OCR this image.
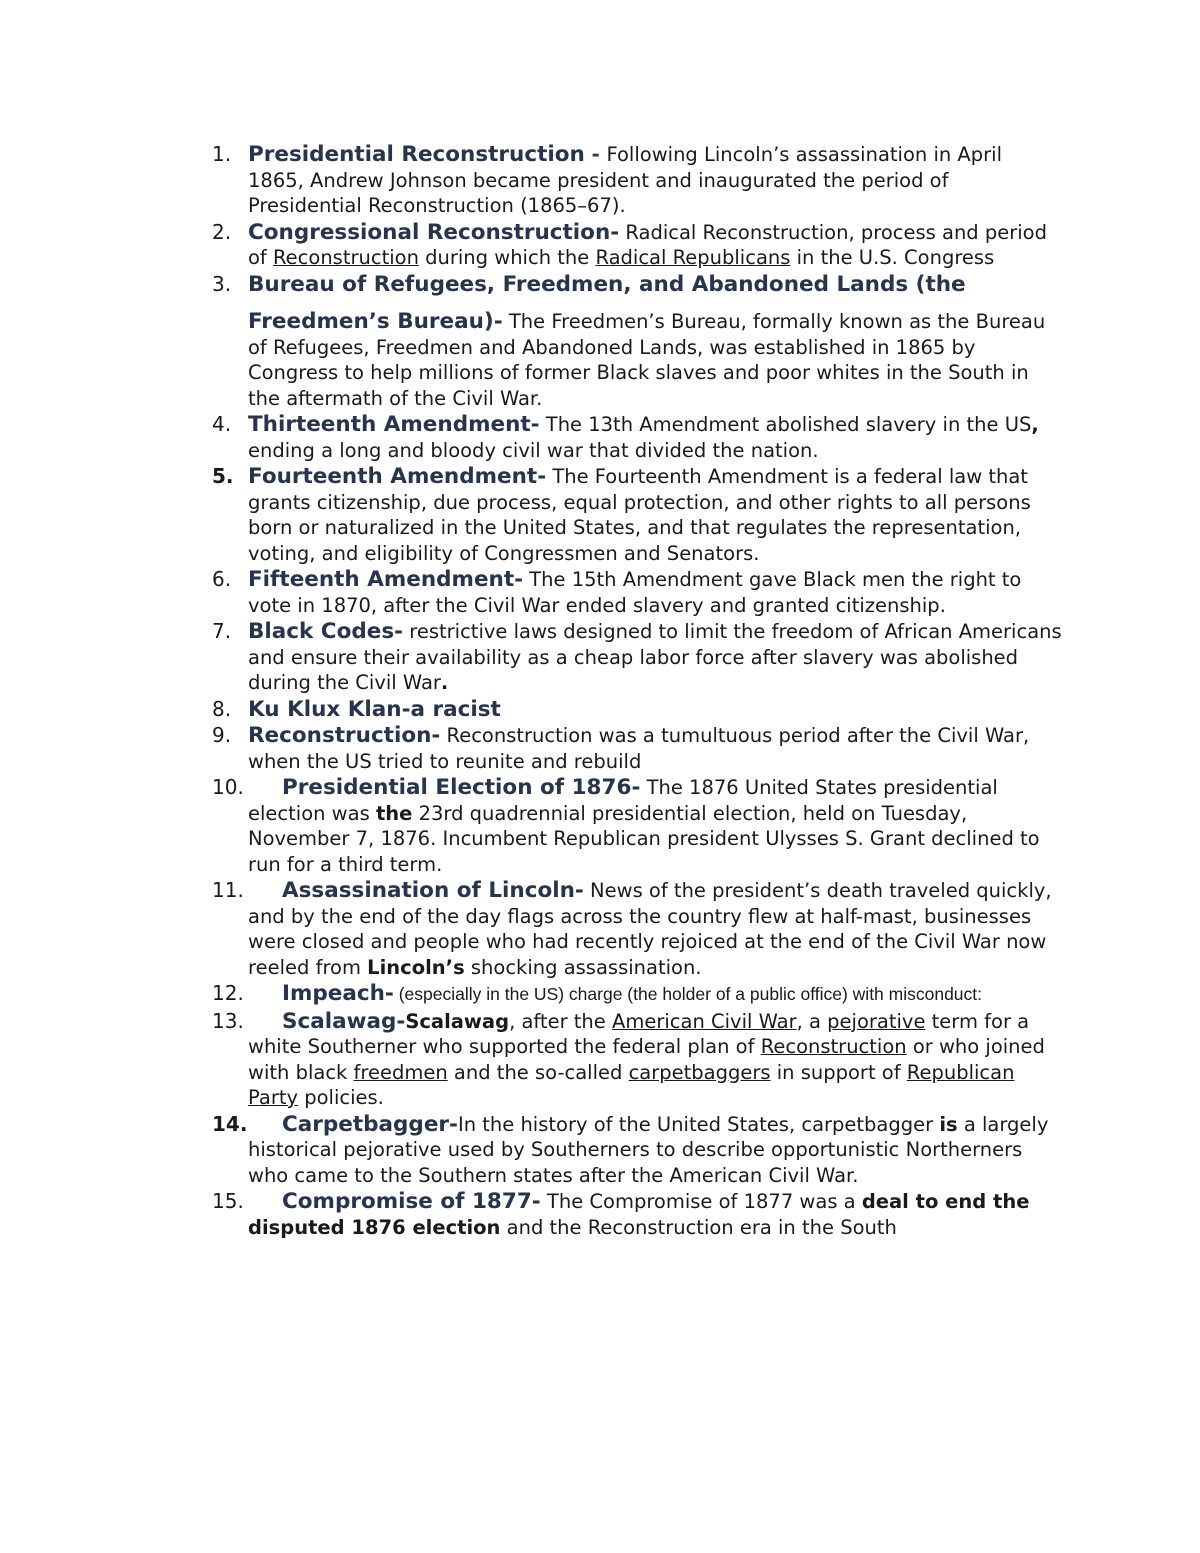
1. Presidential Reconstruction - Following Lincoln’s assassination in April 1865, Andrew Johnson became president and inaugurated the period of Presidential Reconstruction (1865–67).
2. Congressional Reconstruction- Radical Reconstruction, process and period of Reconstruction during which the Radical Republicans in the U.S. Congress
3. Bureau of Refugees, Freedmen, and Abandoned Lands (the
Freedmen’s Bureau)- The Freedmen’s Bureau, formally known as the Bureau of Refugees, Freedmen and Abandoned Lands, was established in 1865 by Congress to help millions of former Black slaves and poor whites in the South in the aftermath of the Civil War.
4. Thirteenth Amendment- The 13th Amendment abolished slavery in the US, ending a long and bloody civil war that divided the nation.
5. Fourteenth Amendment- The Fourteenth Amendment is a federal law that grants citizenship, due process, equal protection, and other rights to all persons born or naturalized in the United States, and that regulates the representation, voting, and eligibility of Congressmen and Senators.
6. Fifteenth Amendment- The 15th Amendment gave Black men the right to vote in 1870, after the Civil War ended slavery and granted citizenship.
7. Black Codes- restrictive laws designed to limit the freedom of African Americans and ensure their availability as a cheap labor force after slavery was abolished during the Civil War.
8. Ku Klux Klan-a racist
9. Reconstruction- Reconstruction was a tumultuous period after the Civil War, when the US tried to reunite and rebuild
10. Presidential Election of 1876- The 1876 United States presidential election was the 23rd quadrennial presidential election, held on Tuesday, November 7, 1876. Incumbent Republican president Ulysses S. Grant declined to run for a third term.
11. Assassination of Lincoln- News of the president’s death traveled quickly, and by the end of the day flags across the country flew at half-mast, businesses were closed and people who had recently rejoiced at the end of the Civil War now reeled from Lincoln’s shocking assassination.
12. Impeach- (especially in the US) charge (the holder of a public office) with misconduct:
13. Scalawag-Scalawag, after the American Civil War, a pejorative term for a white Southerner who supported the federal plan of Reconstruction or who joined with black freedmen and the so-called carpetbaggers in support of Republican Party policies.
14. Carpetbagger-In the history of the United States, carpetbagger is a largely historical pejorative used by Southerners to describe opportunistic Northerners who came to the Southern states after the American Civil War.
15. Compromise of 1877- The Compromise of 1877 was a deal to end the disputed 1876 election and the Reconstruction era in the South
